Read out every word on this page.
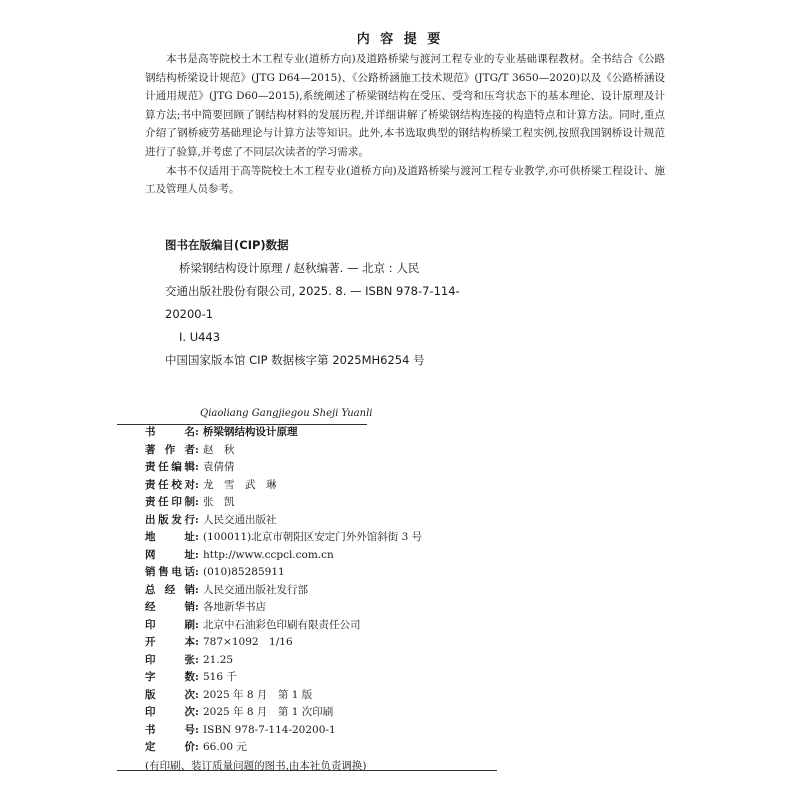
内 容 提 要

本书是高等院校土木工程专业(道桥方向)及道路桥梁与渡河工程专业的专业基础课程教材。全书结合《公路钢结构桥梁设计规范》(JTG D64—2015)、《公路桥涵施工技术规范》(JTG/T 3650—2020)以及《公路桥涵设计通用规范》(JTG D60—2015),系统阐述了桥梁钢结构在受压、受弯和压弯状态下的基本理论、设计原理及计算方法;书中简要回顾了钢结构材料的发展历程,并详细讲解了桥梁钢结构连接的构造特点和计算方法。同时,重点介绍了钢桥疲劳基础理论与计算方法等知识。此外,本书选取典型的钢结构桥梁工程实例,按照我国钢桥设计规范进行了验算,并考虑了不同层次读者的学习需求。

本书不仅适用于高等院校土木工程专业(道桥方向)及道路桥梁与渡河工程专业教学,亦可供桥梁工程设计、施工及管理人员参考。

图书在版编目(CIP)数据
桥梁钢结构设计原理 / 赵秋编著. — 北京 : 人民
交通出版社股份有限公司, 2025. 8. — ISBN 978-7-114-
20200-1
Ⅰ. U443
中国国家版本馆 CIP 数据核字第 2025MH6254 号
Qiaoliang Gangjiegou Sheji Yuanli
书　　名 : 桥梁钢结构设计原理
著 作 者 : 赵　秋
责任编辑 : 袁倩倩
责任校对 : 龙　雪　武　琳
责任印制 : 张　凯
出版发行 : 人民交通出版社
地　　址 : (100011)北京市朝阳区安定门外外馆斜街 3 号
网　　址 : http://www.ccpcl.com.cn
销售电话 : (010)85285911
总 经 销 : 人民交通出版社发行部
经　　销 : 各地新华书店
印　　刷 : 北京中石油彩色印刷有限责任公司
开　　本 : 787×1092　1/16
印　　张 : 21.25
字　　数 : 516 千
版　　次 : 2025 年 8 月　第 1 版
印　　次 : 2025 年 8 月　第 1 次印刷
书　　号 : ISBN 978-7-114-20200-1
定　　价 : 66.00 元
(有印刷、装订质量问题的图书,由本社负责调换)
